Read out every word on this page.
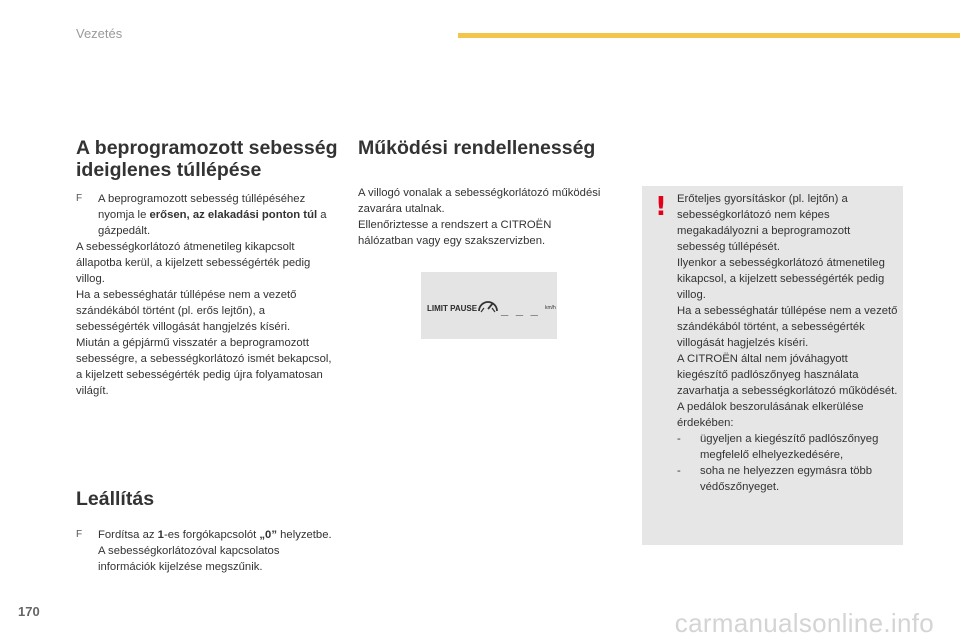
Vezetés
A beprogramozott sebesség
ideiglenes túllépése
F	A beprogramozott sebesség túllépéséhez nyomja le erősen, az elakadási ponton túl a gázpedált.
A sebességkorlátozó átmenetileg kikapcsolt állapotba kerül, a kijelzett sebességérték pedig villog.
Ha a sebességhatár túllépése nem a vezető szándékából történt (pl. erős lejtőn), a sebességérték villogását hangjelzés kíséri.
Miután a gépjármű visszatér a beprogramozott sebességre, a sebességkorlátozó ismét bekapcsol, a kijelzett sebességérték pedig újra folyamatosan világít.
Leállítás
F	Fordítsa az 1-es forgókapcsolót „0” helyzetbe.
A sebességkorlátozóval kapcsolatos információk kijelzése megszűnik.
Működési rendellenesség
A villogó vonalak a sebességkorlátozó működési zavarára utalnak.
Ellenőriztesse a rendszert a CITROËN hálózatban vagy egy szakszervizben.
LIMIT PAUSE _ _ _ km/h
! Erőteljes gyorsításkor (pl. lejtőn) a sebességkorlátozó nem képes megakadályozni a beprogramozott sebesség túllépését.
Ilyenkor a sebességkorlátozó átmenetileg kikapcsol, a kijelzett sebességérték pedig villog.
Ha a sebességhatár túllépése nem a vezető szándékából történt, a sebességérték villogását hagjelzés kíséri.
A CITROËN által nem jóváhagyott kiegészítő padlószőnyeg használata zavarhatja a sebességkorlátozó működését.
A pedálok beszorulásának elkerülése érdekében:
-	ügyeljen a kiegészítő padlószőnyeg megfelelő elhelyezkedésére,
-	soha ne helyezzen egymásra több védőszőnyeget.
170	carmanualsonline.info
